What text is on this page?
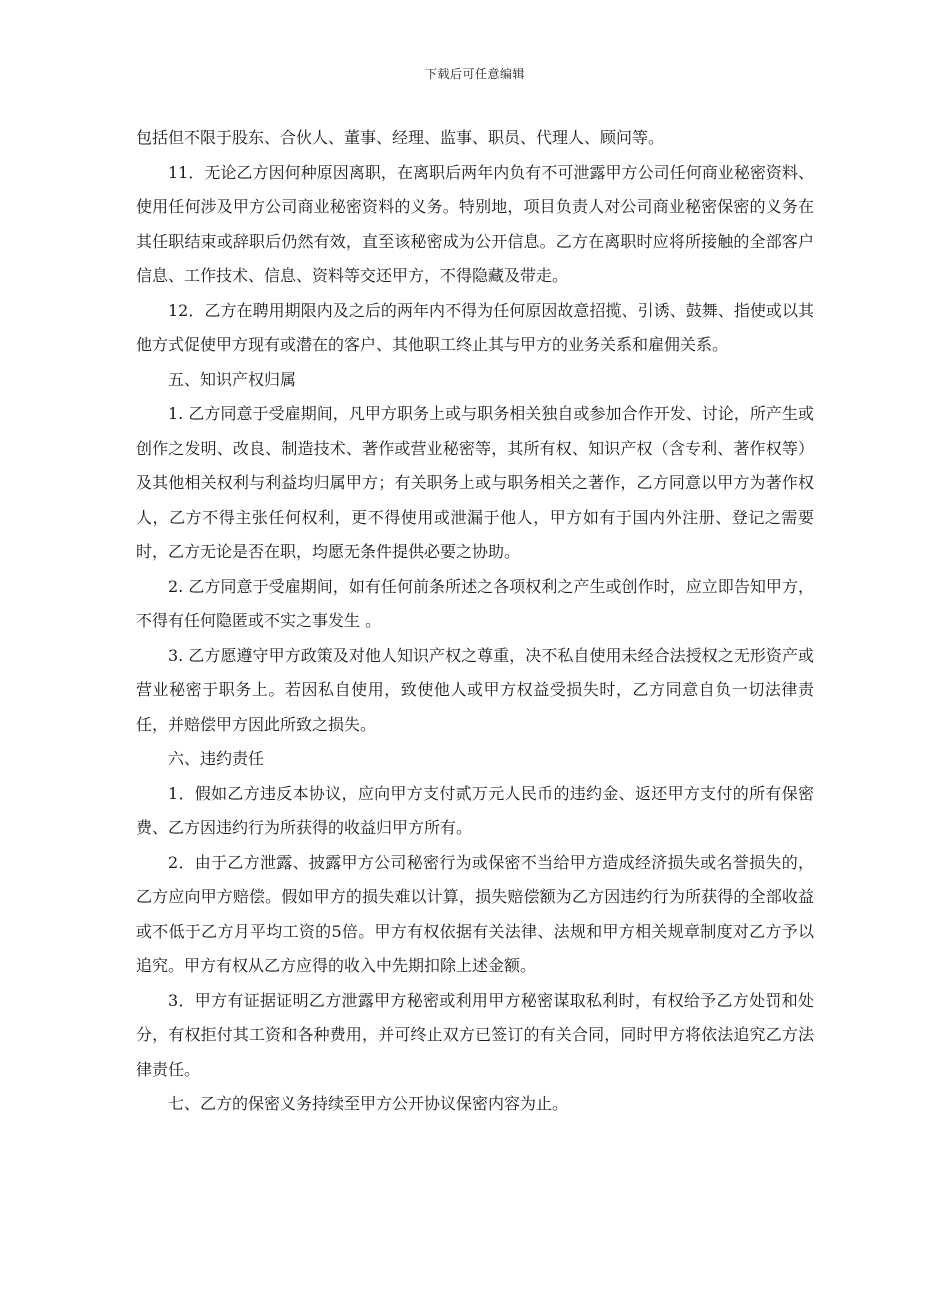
下载后可任意编辑

包括但不限于股东、合伙人、董事、经理、监事、职员、代理人、顾问等。

11．无论乙方因何种原因离职，在离职后两年内负有不可泄露甲方公司任何商业秘密资料、使用任何涉及甲方公司商业秘密资料的义务。特别地，项目负责人对公司商业秘密保密的义务在其任职结束或辞职后仍然有效，直至该秘密成为公开信息。乙方在离职时应将所接触的全部客户信息、工作技术、信息、资料等交还甲方，不得隐藏及带走。

12．乙方在聘用期限内及之后的两年内不得为任何原因故意招揽、引诱、鼓舞、指使或以其他方式促使甲方现有或潜在的客户、其他职工终止其与甲方的业务关系和雇佣关系。

五、知识产权归属

1. 乙方同意于受雇期间，凡甲方职务上或与职务相关独自或参加合作开发、讨论，所产生或创作之发明、改良、制造技术、著作或营业秘密等，其所有权、知识产权（含专利、著作权等）及其他相关权利与利益均归属甲方；有关职务上或与职务相关之著作，乙方同意以甲方为著作权人，乙方不得主张任何权利，更不得使用或泄漏于他人，甲方如有于国内外注册、登记之需要时，乙方无论是否在职，均愿无条件提供必要之协助。

2. 乙方同意于受雇期间，如有任何前条所述之各项权利之产生或创作时，应立即告知甲方，不得有任何隐匿或不实之事发生 。

3. 乙方愿遵守甲方政策及对他人知识产权之尊重，决不私自使用未经合法授权之无形资产或营业秘密于职务上。若因私自使用，致使他人或甲方权益受损失时，乙方同意自负一切法律责任，并赔偿甲方因此所致之损失。

六、违约责任

1．假如乙方违反本协议，应向甲方支付贰万元人民币的违约金、返还甲方支付的所有保密费、乙方因违约行为所获得的收益归甲方所有。

2．由于乙方泄露、披露甲方公司秘密行为或保密不当给甲方造成经济损失或名誉损失的，乙方应向甲方赔偿。假如甲方的损失难以计算，损失赔偿额为乙方因违约行为所获得的全部收益或不低于乙方月平均工资的5倍。甲方有权依据有关法律、法规和甲方相关规章制度对乙方予以追究。甲方有权从乙方应得的收入中先期扣除上述金额。

3．甲方有证据证明乙方泄露甲方秘密或利用甲方秘密谋取私利时，有权给予乙方处罚和处分，有权拒付其工资和各种费用，并可终止双方已签订的有关合同，同时甲方将依法追究乙方法律责任。

七、乙方的保密义务持续至甲方公开协议保密内容为止。
